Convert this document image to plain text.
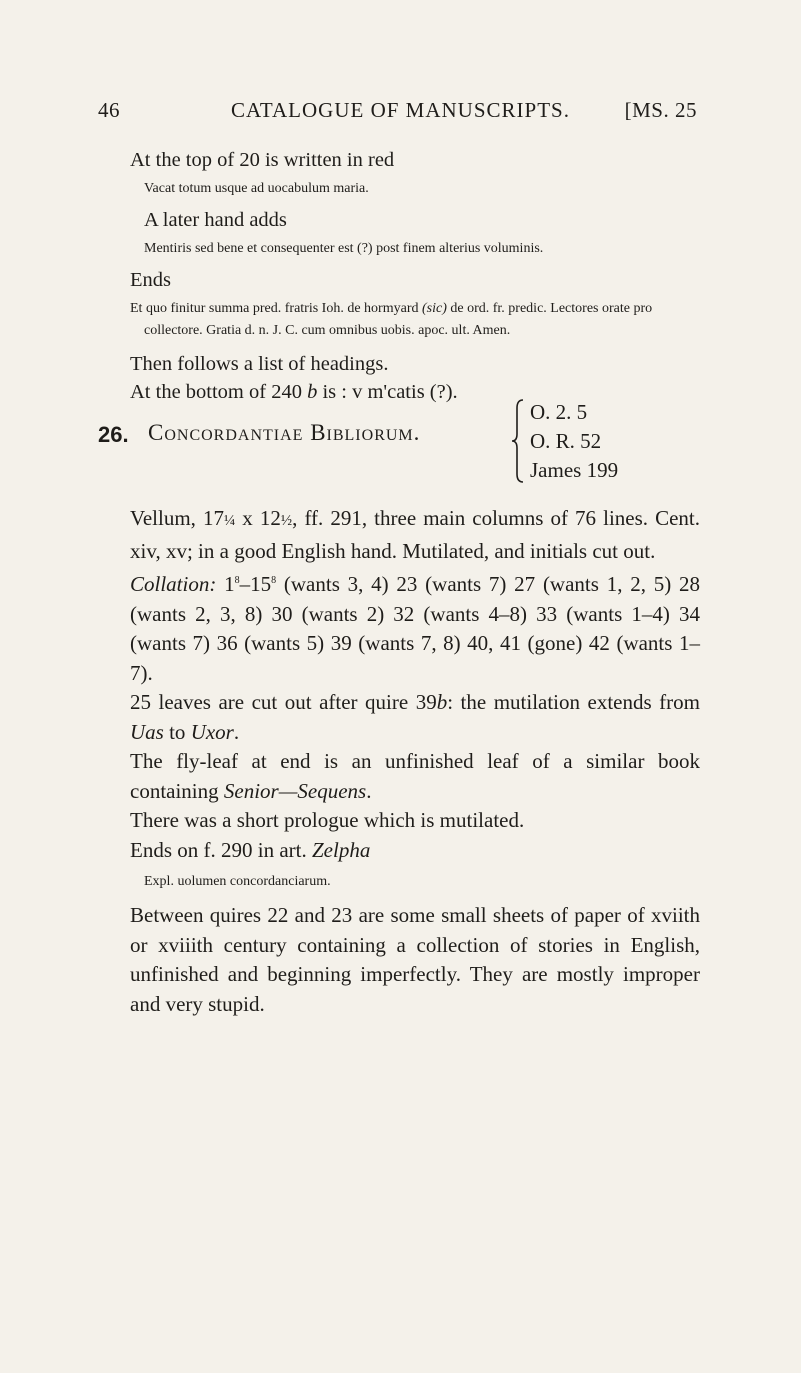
46	CATALOGUE OF MANUSCRIPTS.	[MS. 25
At the top of 20 is written in red
Vacat totum usque ad uocabulum maria.
A later hand adds
Mentiris sed bene et consequenter est (?) post finem alterius voluminis.
Ends
Et quo finitur summa pred. fratris Ioh. de hormyard (sic) de ord. fr. predic. Lectores orate pro collectore. Gratia d. n. J. C. cum omnibus uobis. apoc. ult. Amen.
Then follows a list of headings.
At the bottom of 240 b is : v m'catis (?).
26. Concordantiae Bibliorum.
O. 2. 5
O. R. 52
James 199

Vellum, 17¼ x 12½, ff. 291, three main columns of 76 lines. Cent. xiv, xv; in a good English hand. Mutilated, and initials cut out.

Collation: $1^8-15^8$ (wants 3, 4) 23 (wants 7) 27 (wants 1, 2, 5) 28 (wants 2, 3, 8) 30 (wants 2) 32 (wants 4–8) 33 (wants 1–4) 34 (wants 7) 36 (wants 5) 39 (wants 7, 8) 40, 41 (gone) 42 (wants 1–7).

25 leaves are cut out after quire 39b: the mutilation extends from Uas to Uxor.

The fly-leaf at end is an unfinished leaf of a similar book containing Senior—Sequens.

There was a short prologue which is mutilated.

Ends on f. 290 in art. Zelpha

Expl. uolumen concordanciarum.

Between quires 22 and 23 are some small sheets of paper of xviith or xviiith century containing a collection of stories in English, unfinished and beginning imperfectly. They are mostly improper and very stupid.
